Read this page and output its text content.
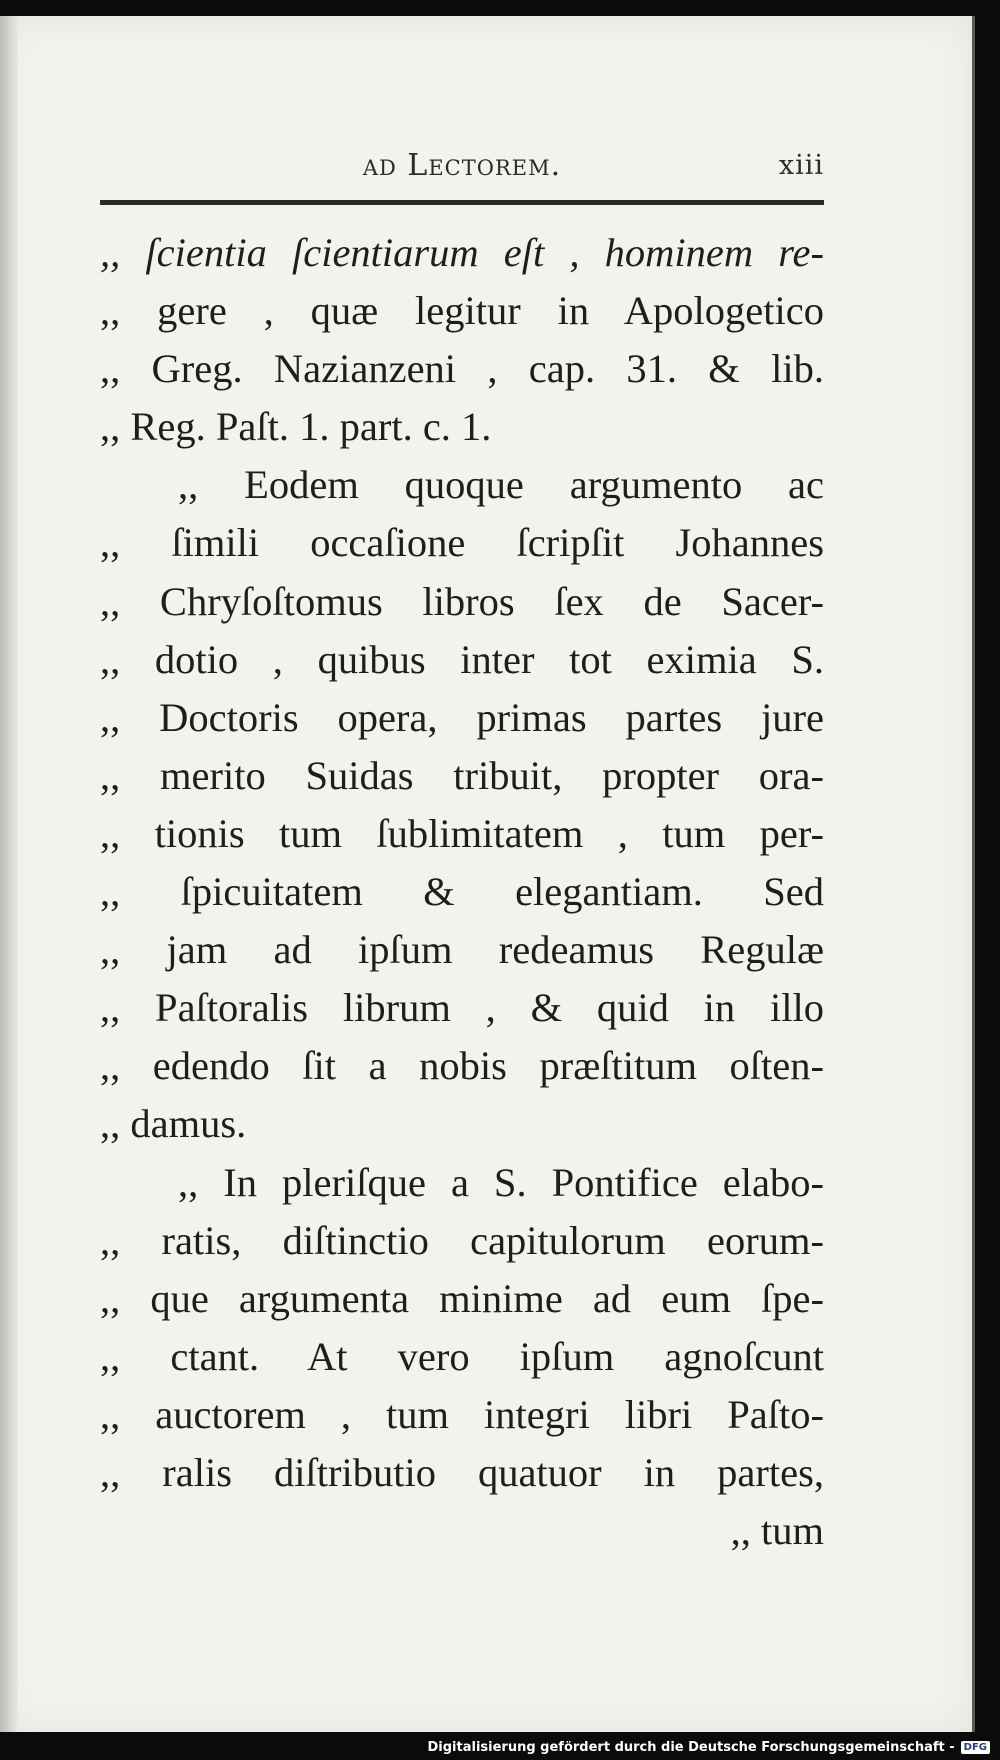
ad Lectorem.	xiii
,, ſcientia ſcientiarum eſt , hominem re-
,, gere , quæ legitur in Apologetico
,, Greg. Nazianzeni , cap. 31. & lib.
,, Reg. Paſt. 1. part. c. 1.
,, Eodem quoque argumento ac
,, ſimili occaſione ſcripſit Johannes
,, Chryſoſtomus libros ſex de Sacer-
,, dotio , quibus inter tot eximia S.
,, Doctoris opera, primas partes jure
,, merito Suidas tribuit, propter ora-
,, tionis tum ſublimitatem , tum per-
,, ſpicuitatem & elegantiam. Sed
,, jam ad ipſum redeamus Regulæ
,, Paſtoralis librum , & quid in illo
,, edendo ſit a nobis præſtitum oſten-
,, damus.
,, In pleriſque a S. Pontifice elabo-
,, ratis, diſtinctio capitulorum eorum-
,, que argumenta minime ad eum ſpe-
,, ctant. At vero ipſum agnoſcunt
,, auctorem , tum integri libri Paſto-
,, ralis diſtributio quatuor in partes,
,, tum
Digitalisierung gefördert durch die Deutsche Forschungsgemeinschaft - DFG
